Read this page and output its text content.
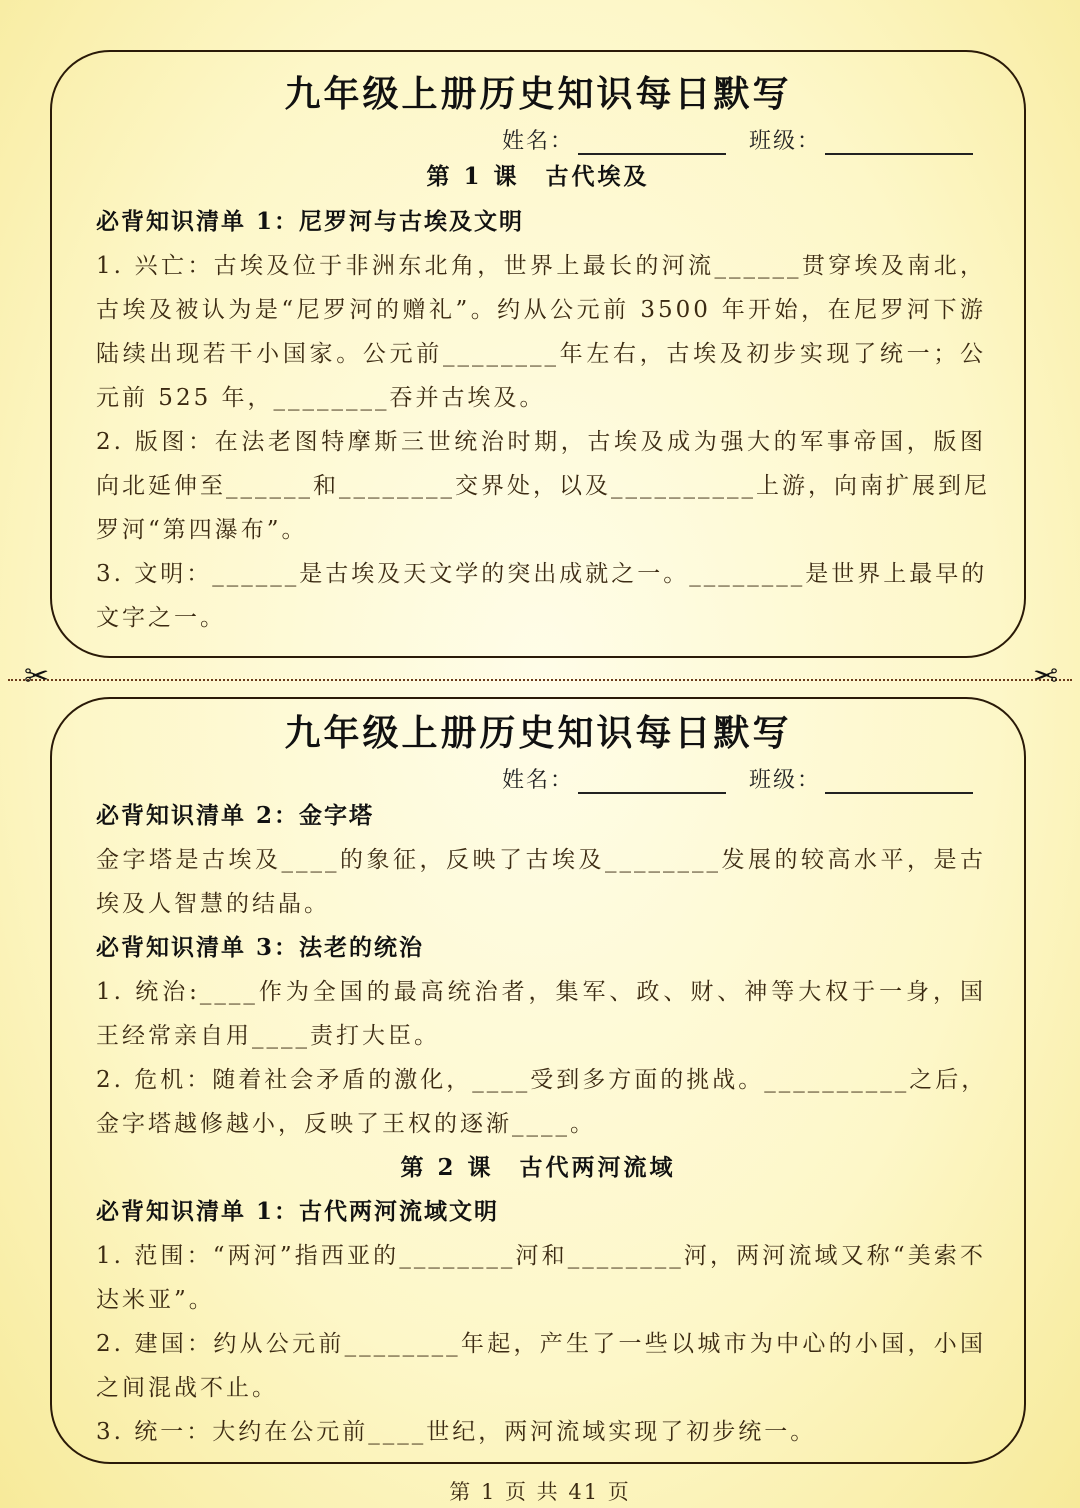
九年级上册历史知识每日默写
姓名：	班级：
第 1 课　古代埃及
必背知识清单 1：尼罗河与古埃及文明
1. 兴亡：古埃及位于非洲东北角，世界上最长的河流______贯穿埃及南北，
古埃及被认为是“尼罗河的赠礼”。约从公元前 3500 年开始，在尼罗河下游
陆续出现若干小国家。公元前________年左右，古埃及初步实现了统一；公
元前 525 年，________吞并古埃及。
2. 版图：在法老图特摩斯三世统治时期，古埃及成为强大的军事帝国，版图
向北延伸至______和________交界处，以及__________上游，向南扩展到尼
罗河“第四瀑布”。
3. 文明：______是古埃及天文学的突出成就之一。________是世界上最早的
文字之一。
✂	✂
九年级上册历史知识每日默写
姓名：	班级：
必背知识清单 2：金字塔
金字塔是古埃及____的象征，反映了古埃及________发展的较高水平，是古
埃及人智慧的结晶。
必背知识清单 3：法老的统治
1. 统治:____作为全国的最高统治者，集军、政、财、神等大权于一身，国
王经常亲自用____责打大臣。
2. 危机：随着社会矛盾的激化，____受到多方面的挑战。__________之后，
金字塔越修越小，反映了王权的逐渐____。
第 2 课　古代两河流域
必背知识清单 1：古代两河流域文明
1. 范围：“两河”指西亚的________河和________河，两河流域又称“美索不
达米亚”。
2. 建国：约从公元前________年起，产生了一些以城市为中心的小国，小国
之间混战不止。
3. 统一：大约在公元前____世纪，两河流域实现了初步统一。
第 1 页 共 41 页
